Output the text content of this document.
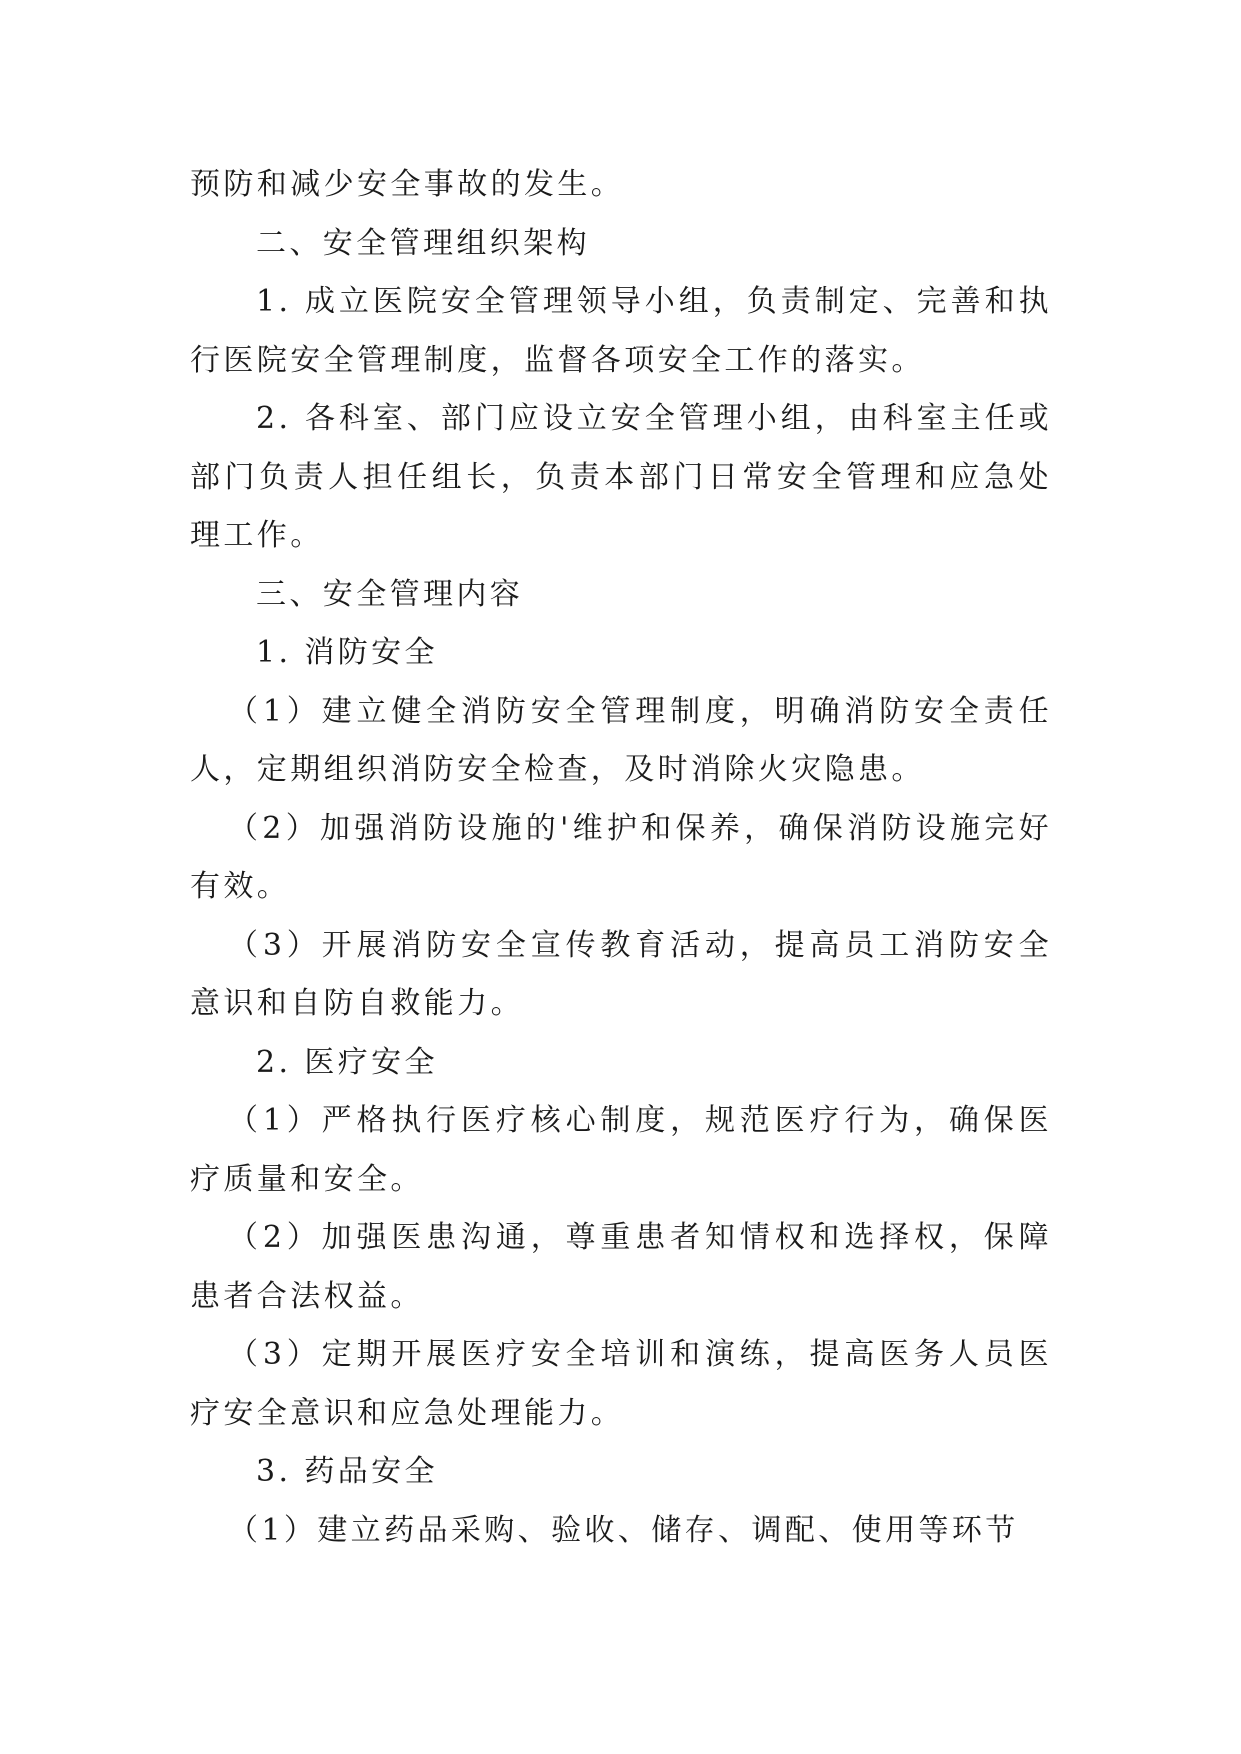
预防和减少安全事故的发生。

二、安全管理组织架构

1. 成立医院安全管理领导小组，负责制定、完善和执行医院安全管理制度，监督各项安全工作的落实。

2. 各科室、部门应设立安全管理小组，由科室主任或部门负责人担任组长，负责本部门日常安全管理和应急处理工作。

三、安全管理内容

1. 消防安全

（1）建立健全消防安全管理制度，明确消防安全责任人，定期组织消防安全检查，及时消除火灾隐患。

（2）加强消防设施的'维护和保养，确保消防设施完好有效。

（3）开展消防安全宣传教育活动，提高员工消防安全意识和自防自救能力。

2. 医疗安全

（1）严格执行医疗核心制度，规范医疗行为，确保医疗质量和安全。

（2）加强医患沟通，尊重患者知情权和选择权，保障患者合法权益。

（3）定期开展医疗安全培训和演练，提高医务人员医疗安全意识和应急处理能力。

3. 药品安全

（1）建立药品采购、验收、储存、调配、使用等环节
